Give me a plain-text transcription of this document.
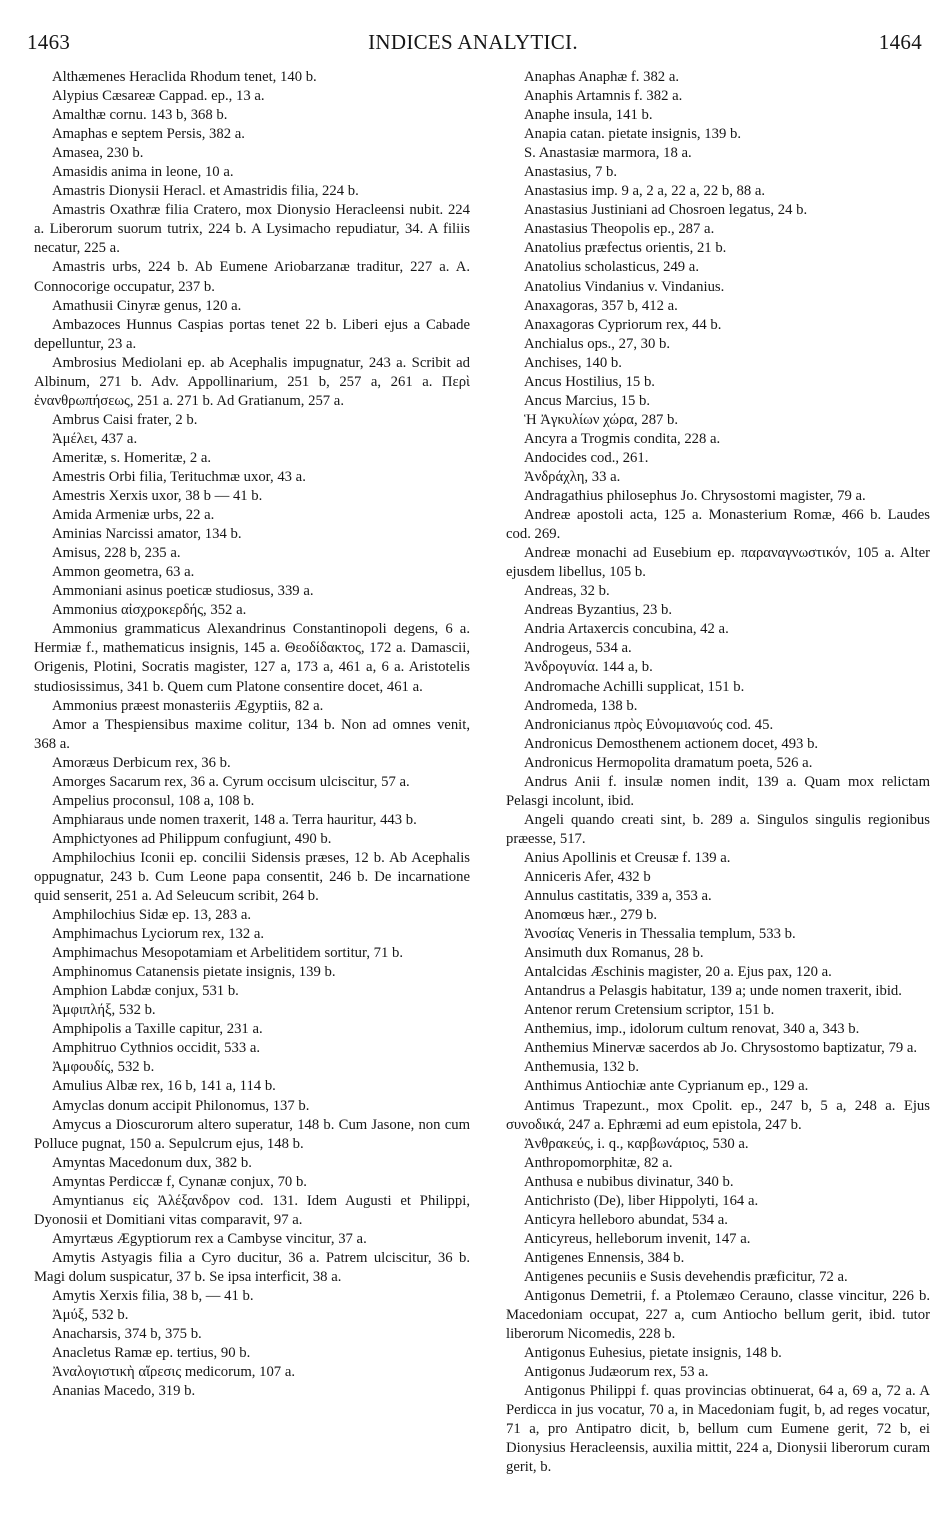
1463	INDICES ANALYTICI.	1464
Althæmenes Heraclida Rhodum tenet, 140 b.
Alypius Cæsareæ Cappad. ep., 13 a.
Amalthæ cornu. 143 b, 368 b.
Amaphas e septem Persis, 382 a.
Amasea, 230 b.
Amasidis anima in leone, 10 a.
Amastris Dionysii Heracl. et Amastridis filia, 224 b.
Amastris Oxathræ filia Cratero, mox Dionysio Heracleensi nubit. 224 a. Liberorum suorum tutrix, 224 b. A Lysimacho repudiatur, 34. A filiis necatur, 225 a.
Amastris urbs, 224 b. Ab Eumene Ariobarzanæ traditur, 227 a. A. Connocorige occupatur, 237 b.
Amathusii Cinyræ genus, 120 a.
Ambazoces Hunnus Caspias portas tenet 22 b. Liberi ejus a Cabade depelluntur, 23 a.
Ambrosius Mediolani ep. ab Acephalis impugnatur, 243 a. Scribit ad Albinum, 271 b. Adv. Appollinarium, 251 b, 257 a, 261 a. Περὶ ἐνανθρωπήσεως, 251 a. 271 b. Ad Gratianum, 257 a.
Ambrus Caisi frater, 2 b.
Ἀμέλει, 437 a.
Ameritæ, s. Homeritæ, 2 a.
Amestris Orbi filia, Terituchmæ uxor, 43 a.
Amestris Xerxis uxor, 38 b — 41 b.
Amida Armeniæ urbs, 22 a.
Aminias Narcissi amator, 134 b.
Amisus, 228 b, 235 a.
Ammon geometra, 63 a.
Ammoniani asinus poeticæ studiosus, 339 a.
Ammonius αἰσχροκερδής, 352 a.
Ammonius grammaticus Alexandrinus Constantinopoli degens, 6 a. Hermiæ f., mathematicus insignis, 145 a. Θεοδίδακτος, 172 a. Damascii, Origenis, Plotini, Socratis magister, 127 a, 173 a, 461 a, 6 a. Aristotelis studiosissimus, 341 b. Quem cum Platone consentire docet, 461 a.
Ammonius præest monasteriis Ægyptiis, 82 a.
Amor a Thespiensibus maxime colitur, 134 b. Non ad omnes venit, 368 a.
Amoræus Derbicum rex, 36 b.
Amorges Sacarum rex, 36 a. Cyrum occisum ulciscitur, 57 a.
Ampelius proconsul, 108 a, 108 b.
Amphiaraus unde nomen traxerit, 148 a. Terra hauritur, 443 b.
Amphictyones ad Philippum confugiunt, 490 b.
Amphilochius Iconii ep. concilii Sidensis præses, 12 b. Ab Acephalis oppugnatur, 243 b. Cum Leone papa consentit, 246 b. De incarnatione quid senserit, 251 a. Ad Seleucum scribit, 264 b.
Amphilochius Sidæ ep. 13, 283 a.
Amphimachus Lyciorum rex, 132 a.
Amphimachus Mesopotamiam et Arbelitidem sortitur, 71 b.
Amphinomus Catanensis pietate insignis, 139 b.
Amphion Labdæ conjux, 531 b.
Ἀμφιπλήξ, 532 b.
Amphipolis a Taxille capitur, 231 a.
Amphitruo Cythnios occidit, 533 a.
Ἀμφουδίς, 532 b.
Amulius Albæ rex, 16 b, 141 a, 114 b.
Amyclas donum accipit Philonomus, 137 b.
Amycus a Dioscurorum altero superatur, 148 b. Cum Jasone, non cum Polluce pugnat, 150 a. Sepulcrum ejus, 148 b.
Amyntas Macedonum dux, 382 b.
Amyntas Perdiccæ f, Cynanæ conjux, 70 b.
Amyntianus εἰς Ἀλέξανδρον cod. 131. Idem Augusti et Philippi, Dyonosii et Domitiani vitas comparavit, 97 a.
Amyrtæus Ægyptiorum rex a Cambyse vincitur, 37 a.
Amytis Astyagis filia a Cyro ducitur, 36 a. Patrem ulciscitur, 36 b. Magi dolum suspicatur, 37 b. Se ipsa interficit, 38 a.
Amytis Xerxis filia, 38 b, — 41 b.
Ἀμύξ, 532 b.
Anacharsis, 374 b, 375 b.
Anacletus Ramæ ep. tertius, 90 b.
Ἀναλογιστικὴ αἵρεσις medicorum, 107 a.
Ananias Macedo, 319 b.
Anaphas Anaphæ f. 382 a.
Anaphis Artamnis f. 382 a.
Anaphe insula, 141 b.
Anapia catan. pietate insignis, 139 b.
S. Anastasiæ marmora, 18 a.
Anastasius, 7 b.
Anastasius imp. 9 a, 2 a, 22 a, 22 b, 88 a.
Anastasius Justiniani ad Chosroen legatus, 24 b.
Anastasius Theopolis ep., 287 a.
Anatolius præfectus orientis, 21 b.
Anatolius scholasticus, 249 a.
Anatolius Vindanius v. Vindanius.
Anaxagoras, 357 b, 412 a.
Anaxagoras Cypriorum rex, 44 b.
Anchialus ops., 27, 30 b.
Anchises, 140 b.
Ancus Hostilius, 15 b.
Ancus Marcius, 15 b.
Ἡ Ἀγκυλίων χώρα, 287 b.
Ancyra a Trogmis condita, 228 a.
Andocides cod., 261.
Ἀνδράχλη, 33 a.
Andragathius philosephus Jo. Chrysostomi magister, 79 a.
Andreæ apostoli acta, 125 a. Monasterium Romæ, 466 b. Laudes cod. 269.
Andreæ monachi ad Eusebium ep. παραναγνωστικόν, 105 a. Alter ejusdem libellus, 105 b.
Andreas, 32 b.
Andreas Byzantius, 23 b.
Andria Artaxercis concubina, 42 a.
Androgeus, 534 a.
Ἀνδρογυνία. 144 a, b.
Andromache Achilli supplicat, 151 b.
Andromeda, 138 b.
Andronicianus πρὸς Εὐνομιανούς cod. 45.
Andronicus Demosthenem actionem docet, 493 b.
Andronicus Hermopolita dramatum poeta, 526 a.
Andrus Anii f. insulæ nomen indit, 139 a. Quam mox relictam Pelasgi incolunt, ibid.
Angeli quando creati sint, b. 289 a. Singulos singulis regionibus præesse, 517.
Anius Apollinis et Creusæ f. 139 a.
Anniceris Afer, 432 b
Annulus castitatis, 339 a, 353 a.
Anomœus hær., 279 b.
Ἀνοσίας Veneris in Thessalia templum, 533 b.
Ansimuth dux Romanus, 28 b.
Antalcidas Æschinis magister, 20 a. Ejus pax, 120 a.
Antandrus a Pelasgis habitatur, 139 a; unde nomen traxerit, ibid.
Antenor rerum Cretensium scriptor, 151 b.
Anthemius, imp., idolorum cultum renovat, 340 a, 343 b.
Anthemius Minervæ sacerdos ab Jo. Chrysostomo baptizatur, 79 a.
Anthemusia, 132 b.
Anthimus Antiochiæ ante Cyprianum ep., 129 a.
Antimus Trapezunt., mox Cpolit. ep., 247 b, 5 a, 248 a. Ejus συνοδικά, 247 a. Ephræmi ad eum epistola, 247 b.
Ἀνθρακεύς, i. q., καρβωνάριος, 530 a.
Anthropomorphitæ, 82 a.
Anthusa e nubibus divinatur, 340 b.
Antichristo (De), liber Hippolyti, 164 a.
Anticyra helleboro abundat, 534 a.
Anticyreus, helleborum invenit, 147 a.
Antigenes Ennensis, 384 b.
Antigenes pecuniis e Susis devehendis præficitur, 72 a.
Antigonus Demetrii, f. a Ptolemæo Cerauno, classe vincitur, 226 b. Macedoniam occupat, 227 a, cum Antiocho bellum gerit, ibid. tutor liberorum Nicomedis, 228 b.
Antigonus Euhesius, pietate insignis, 148 b.
Antigonus Judæorum rex, 53 a.
Antigonus Philippi f. quas provincias obtinuerat, 64 a, 69 a, 72 a. A Perdicca in jus vocatur, 70 a, in Macedoniam fugit, b, ad reges vocatur, 71 a, pro Antipatro dicit, b, bellum cum Eumene gerit, 72 b, ei Dionysius Heracleensis, auxilia mittit, 224 a, Dionysii liberorum curam gerit, b.
